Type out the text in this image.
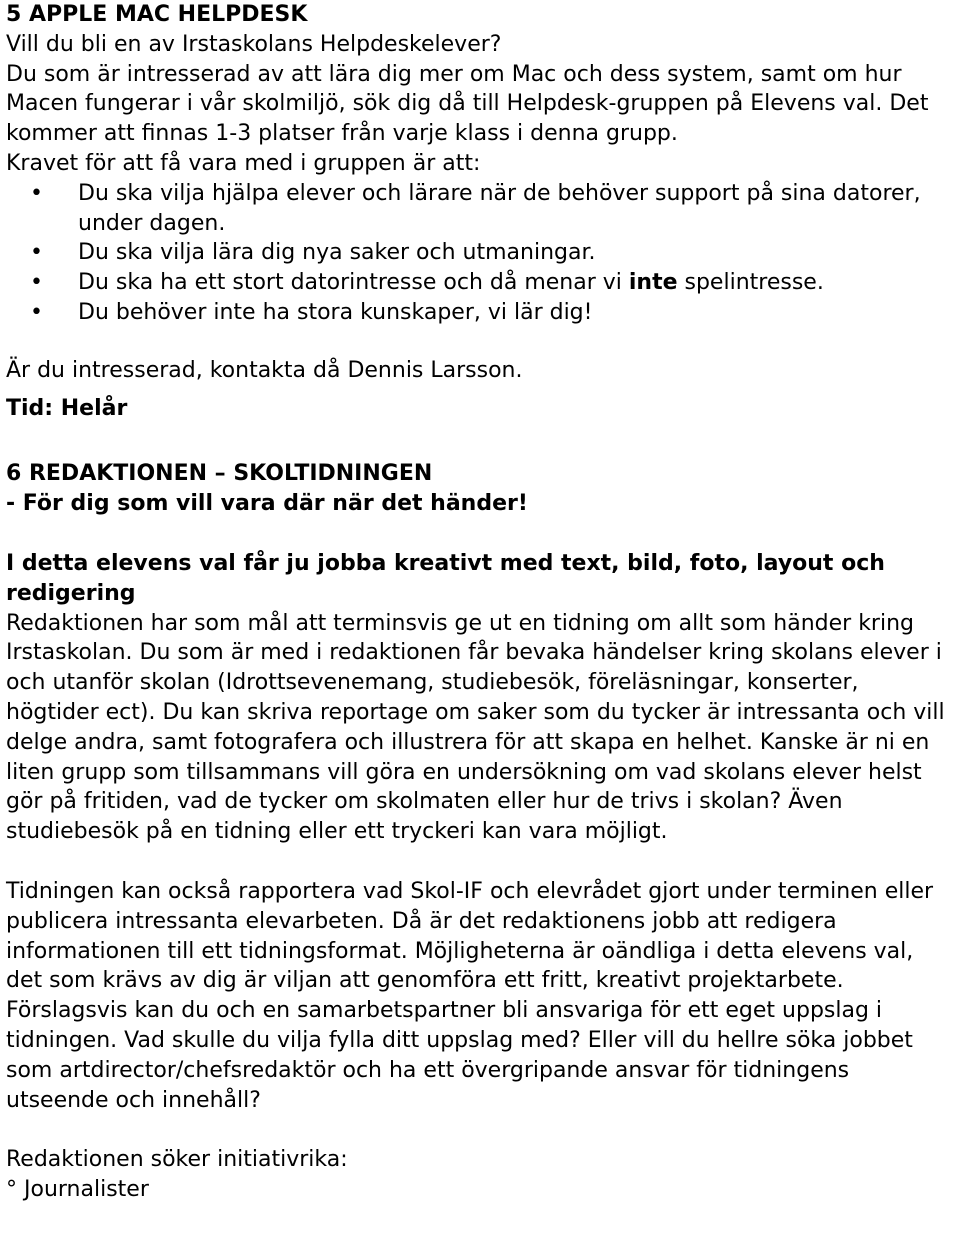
5 APPLE MAC HELPDESK

Vill du bli en av Irstaskolans Helpdeskelever?

Du som är intresserad av att lära dig mer om Mac och dess system, samt om hur Macen fungerar i vår skolmiljö, sök dig då till Helpdesk-gruppen på Elevens val. Det kommer att finnas 1-3 platser från varje klass i denna grupp.

Kravet för att få vara med i gruppen är att:

• Du ska vilja hjälpa elever och lärare när de behöver support på sina datorer, under dagen.
• Du ska vilja lära dig nya saker och utmaningar.
• Du ska ha ett stort datorintresse och då menar vi inte spelintresse.
• Du behöver inte ha stora kunskaper, vi lär dig!

Är du intresserad, kontakta då Dennis Larsson.

Tid: Helår

6 REDAKTIONEN – SKOLTIDNINGEN

- För dig som vill vara där när det händer!

I detta elevens val får ju jobba kreativt med text, bild, foto, layout och redigering

Redaktionen har som mål att terminsvis ge ut en tidning om allt som händer kring Irstaskolan. Du som är med i redaktionen får bevaka händelser kring skolans elever i och utanför skolan (Idrottsevenemang, studiebesök, föreläsningar, konserter, högtider ect). Du kan skriva reportage om saker som du tycker är intressanta och vill delge andra, samt fotografera och illustrera för att skapa en helhet. Kanske är ni en liten grupp som tillsammans vill göra en undersökning om vad skolans elever helst gör på fritiden, vad de tycker om skolmaten eller hur de trivs i skolan? Även studiebesök på en tidning eller ett tryckeri kan vara möjligt.

Tidningen kan också rapportera vad Skol-IF och elevrådet gjort under terminen eller publicera intressanta elevarbeten. Då är det redaktionens jobb att redigera informationen till ett tidningsformat. Möjligheterna är oändliga i detta elevens val, det som krävs av dig är viljan att genomföra ett fritt, kreativt projektarbete. Förslagsvis kan du och en samarbetspartner bli ansvariga för ett eget uppslag i tidningen. Vad skulle du vilja fylla ditt uppslag med? Eller vill du hellre söka jobbet som artdirector/chefsredaktör och ha ett övergripande ansvar för tidningens utseende och innehåll?

Redaktionen söker initiativrika:

° Journalister
